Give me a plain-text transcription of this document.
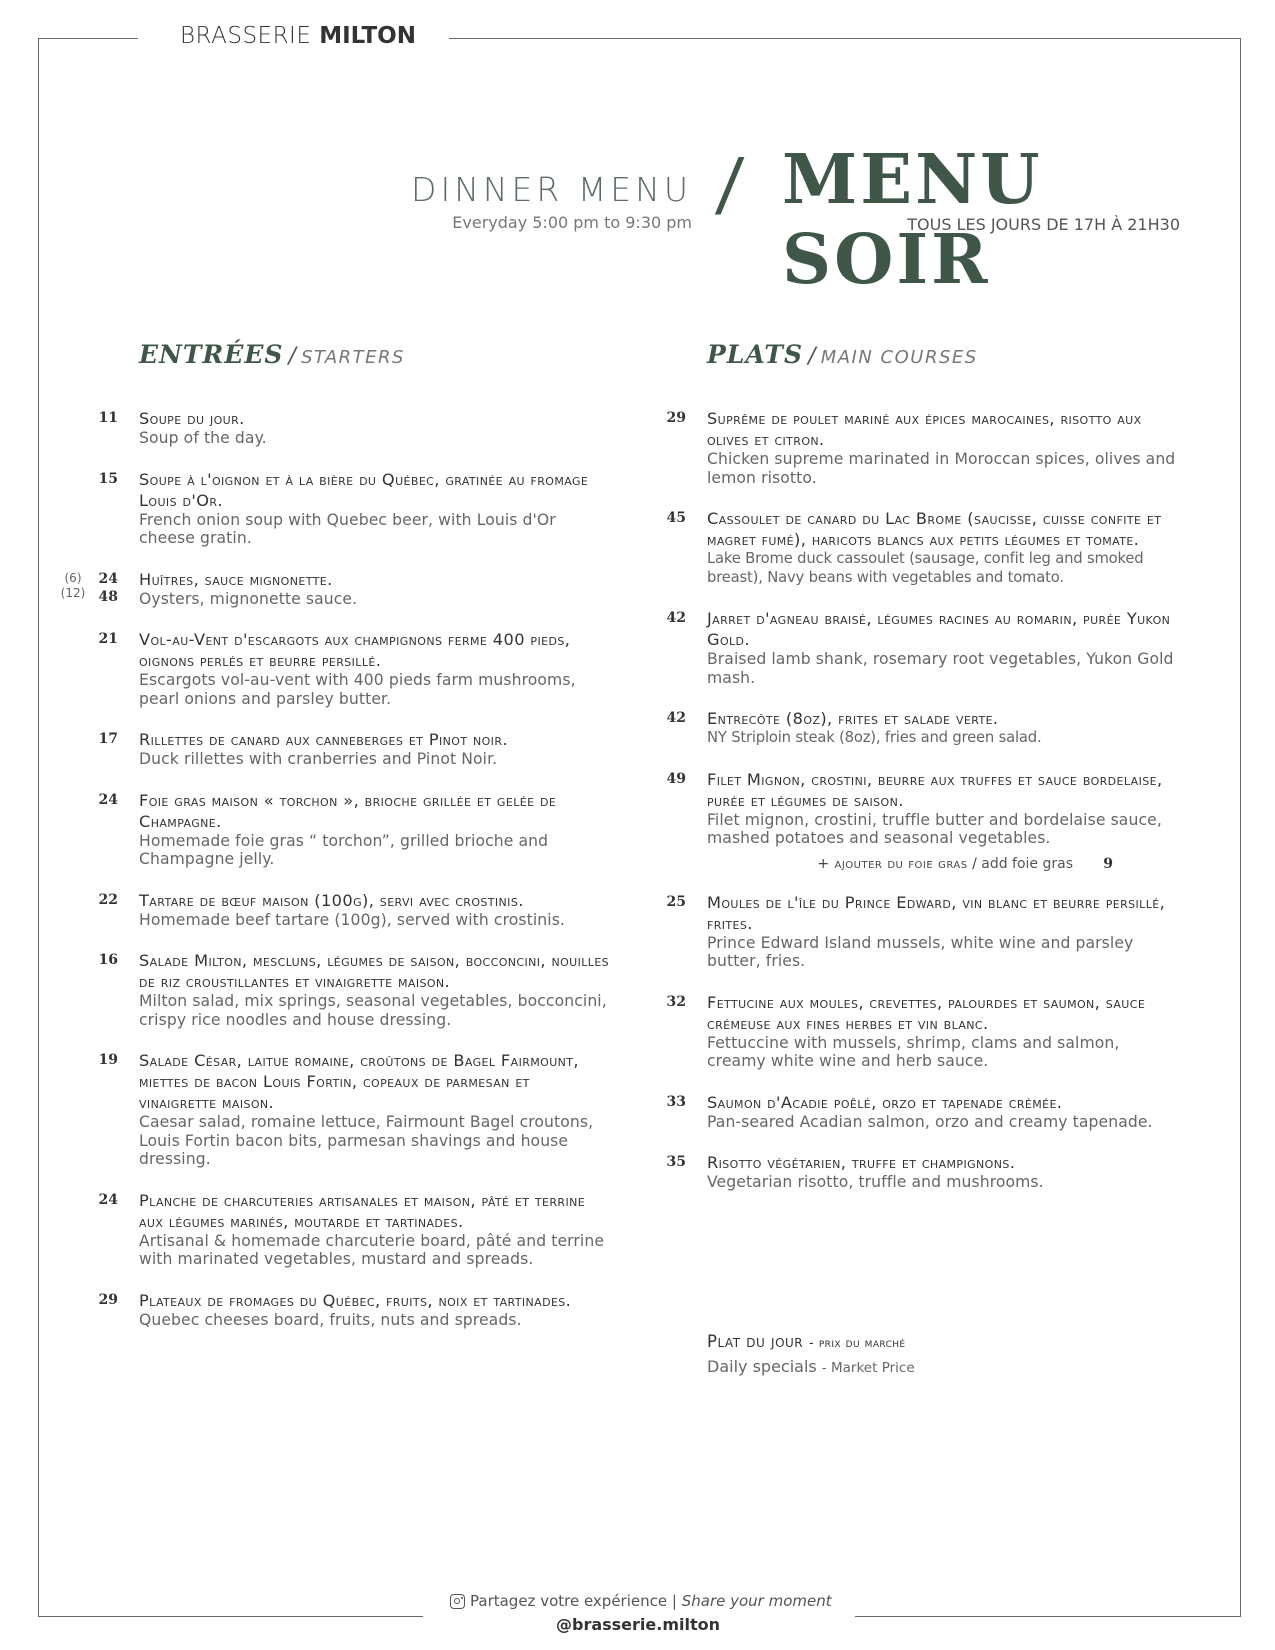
BRASSERIE MILTON
DINNER MENU
Everyday 5:00 pm to 9:30 pm / MENU SOIR
TOUS LES JOURS DE 17H À 21H30
ENTRÉES / STARTERS	PLATS / MAIN COURSES
11 Soupe du jour.
Soup of the day.
15 Soupe à l'oignon et à la bière du Québec, gratinée au fromage Louis d'Or.
French onion soup with Quebec beer, with Louis d'Or cheese gratin.
(6)
(12)
24
48
Huîtres, sauce mignonette.
Oysters, mignonette sauce.
21 Vol-au-Vent d'escargots aux champignons ferme 400 pieds, oignons perlés et beurre persillé.
Escargots vol-au-vent with 400 pieds farm mushrooms, pearl onions and parsley butter.
17 Rillettes de canard aux canneberges et Pinot noir.
Duck rillettes with cranberries and Pinot Noir.
24 Foie gras maison « torchon », brioche grillée et gelée de Champagne.
Homemade foie gras “ torchon”, grilled brioche and Champagne jelly.
22 Tartare de bœuf maison (100g), servi avec crostinis.
Homemade beef tartare (100g), served with crostinis.
16 Salade Milton, mescluns, légumes de saison, bocconcini, nouilles de riz croustillantes et vinaigrette maison.
Milton salad, mix springs, seasonal vegetables, bocconcini, crispy rice noodles and house dressing.
19 Salade César, laitue romaine, croûtons de Bagel Fairmount, miettes de bacon Louis Fortin, copeaux de parmesan et vinaigrette maison.
Caesar salad, romaine lettuce, Fairmount Bagel croutons, Louis Fortin bacon bits, parmesan shavings and house dressing.
24 Planche de charcuteries artisanales et maison, pâté et terrine aux légumes marinés, moutarde et tartinades.
Artisanal & homemade charcuterie board, pâté and terrine with marinated vegetables, mustard and spreads.
29 Plateaux de fromages du Québec, fruits, noix et tartinades.
Quebec cheeses board, fruits, nuts and spreads.
29 Suprême de poulet mariné aux épices marocaines, risotto aux olives et citron.
Chicken supreme marinated in Moroccan spices, olives and lemon risotto.
45 Cassoulet de canard du Lac Brome (saucisse, cuisse confite et magret fumé), haricots blancs aux petits légumes et tomate.
Lake Brome duck cassoulet (sausage, confit leg and smoked breast), Navy beans with vegetables and tomato.
42 Jarret d'agneau braisé, légumes racines au romarin, purée Yukon Gold.
Braised lamb shank, rosemary root vegetables, Yukon Gold mash.
42 Entrecôte (8oz), frites et salade verte.
NY Striploin steak (8oz), fries and green salad.
49 Filet Mignon, crostini, beurre aux truffes et sauce bordelaise, purée et légumes de saison.
Filet mignon, crostini, truffle butter and bordelaise sauce, mashed potatoes and seasonal vegetables.
+ ajouter du foie gras / add foie gras 9
25 Moules de l'île du Prince Edward, vin blanc et beurre persillé, frites.
Prince Edward Island mussels, white wine and parsley butter, fries.
32 Fettucine aux moules, crevettes, palourdes et saumon, sauce crémeuse aux fines herbes et vin blanc.
Fettuccine with mussels, shrimp, clams and salmon, creamy white wine and herb sauce.
33 Saumon d'Acadie poêlé, orzo et tapenade crémée.
Pan-seared Acadian salmon, orzo and creamy tapenade.
35 Risotto végétarien, truffe et champignons.
Vegetarian risotto, truffle and mushrooms.
Plat du jour - prix du marché
Daily specials - Market Price
Partagez votre expérience | Share your moment
@brasserie.milton
